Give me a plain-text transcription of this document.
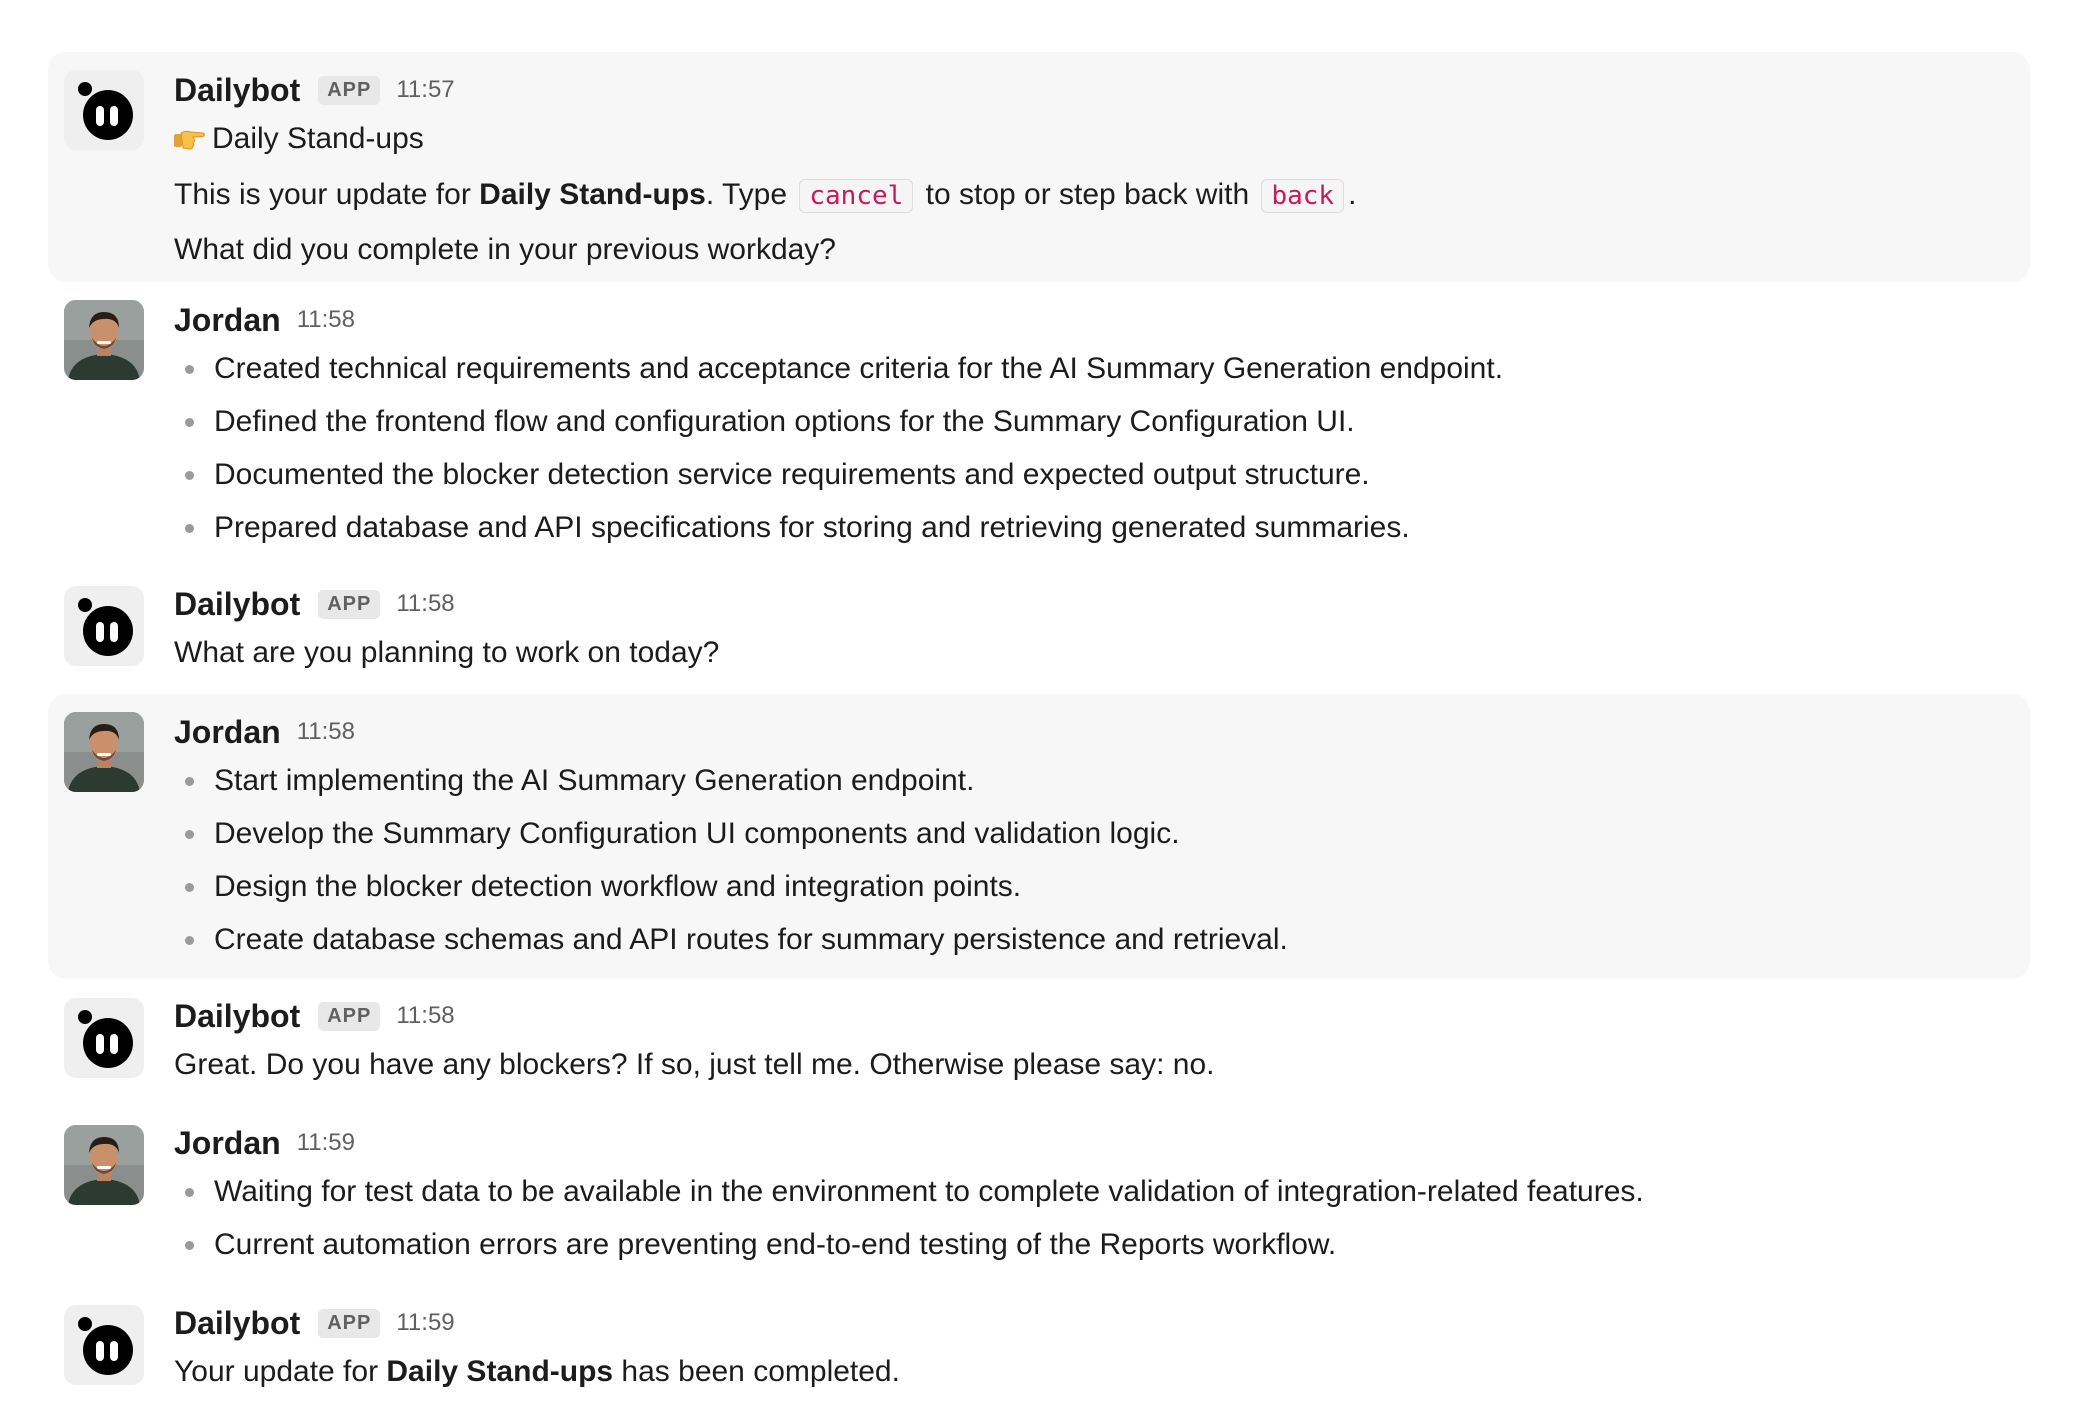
Dailybot	APP	11:57
Daily Stand-ups
This is your update for Daily Stand-ups. Type cancel to stop or step back with back .
What did you complete in your previous workday?
Jordan 11:58
Created technical requirements and acceptance criteria for the AI Summary Generation endpoint.
Defined the frontend flow and configuration options for the Summary Configuration UI.
Documented the blocker detection service requirements and expected output structure.
Prepared database and API specifications for storing and retrieving generated summaries.
Dailybot	APP	11:58
What are you planning to work on today?
Jordan 11:58
Start implementing the AI Summary Generation endpoint.
Develop the Summary Configuration UI components and validation logic.
Design the blocker detection workflow and integration points.
Create database schemas and API routes for summary persistence and retrieval.
Dailybot	APP	11:58
Great. Do you have any blockers? If so, just tell me. Otherwise please say: no.
Jordan 11:59
Waiting for test data to be available in the environment to complete validation of integration-related features.
Current automation errors are preventing end-to-end testing of the Reports workflow.
Dailybot	APP	11:59
Your update for Daily Stand-ups has been completed.
